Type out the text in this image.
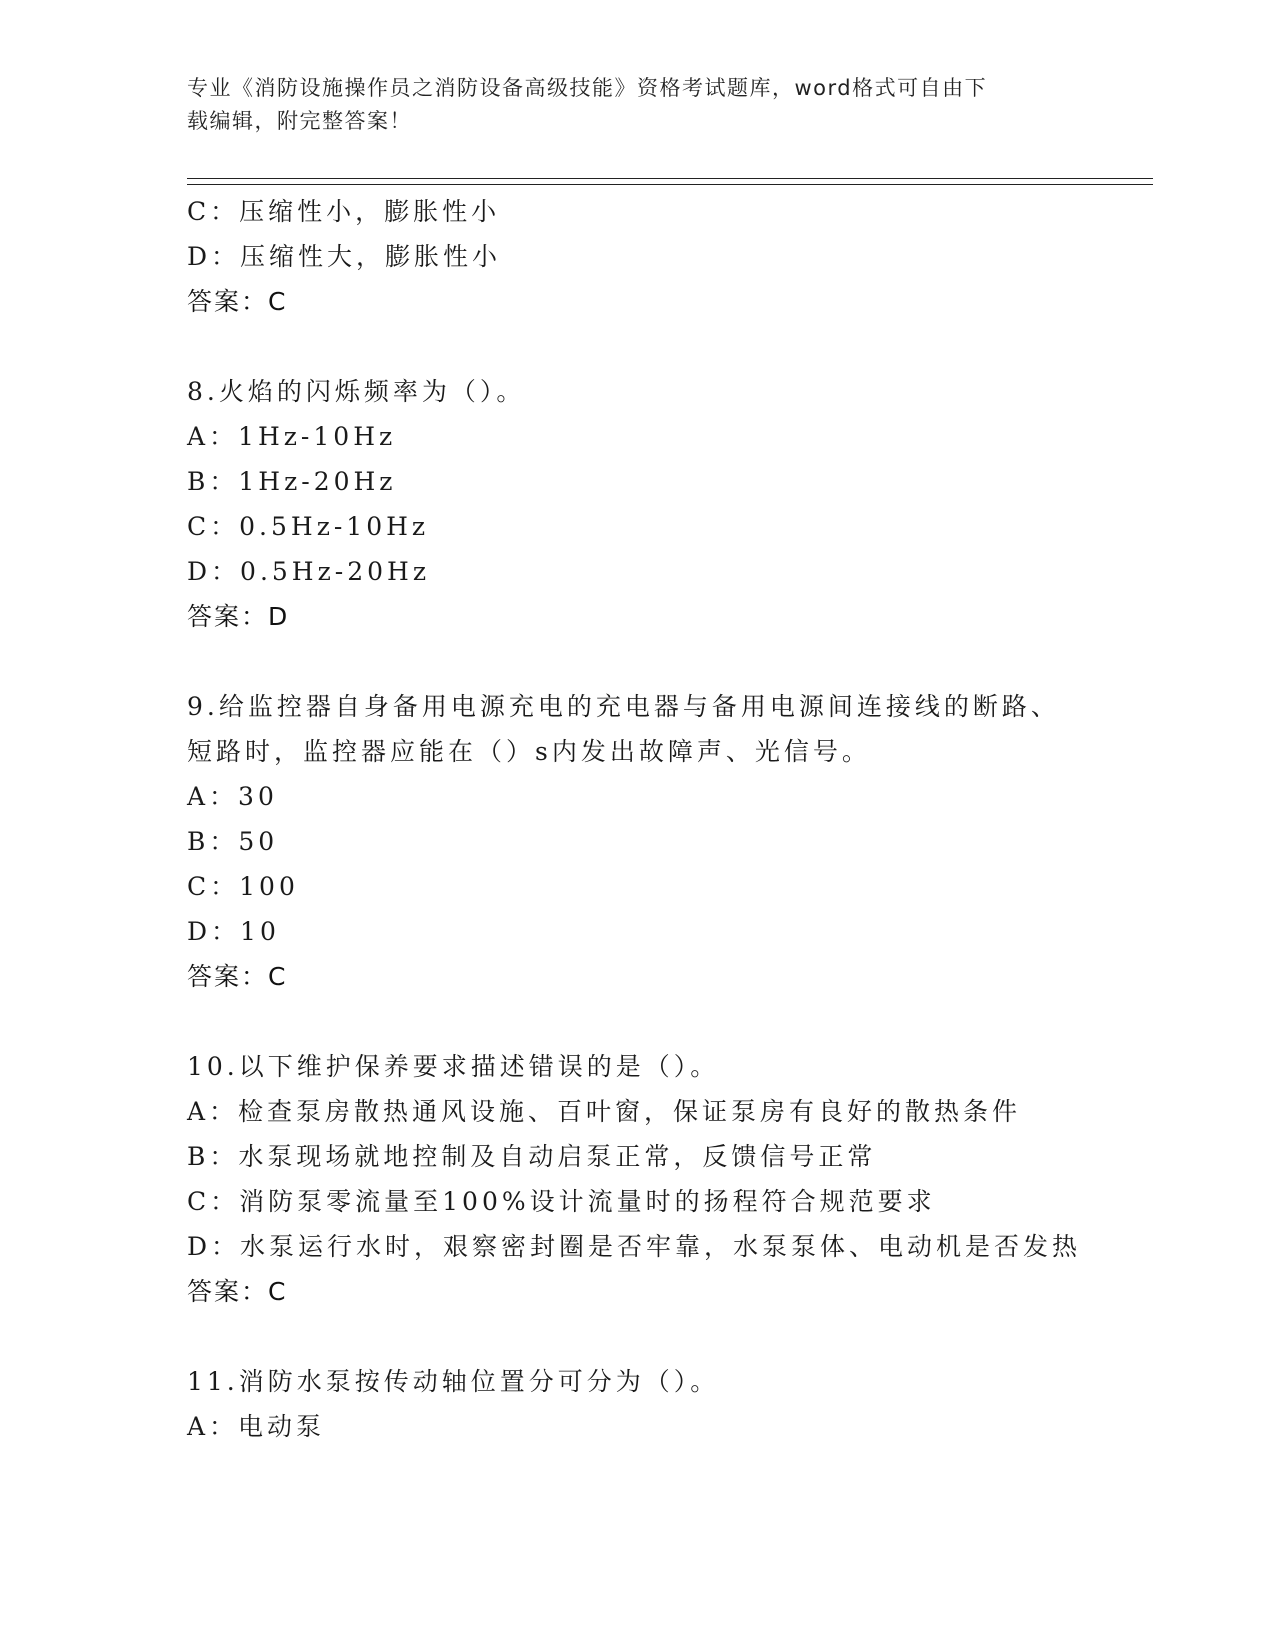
专业《消防设施操作员之消防设备高级技能》资格考试题库，word格式可自由下
载编辑，附完整答案！
C：压缩性小，膨胀性小
D：压缩性大，膨胀性小
答案：C
8.火焰的闪烁频率为（）。
A：1Hz-10Hz
B：1Hz-20Hz
C：0.5Hz-10Hz
D：0.5Hz-20Hz
答案：D
9.给监控器自身备用电源充电的充电器与备用电源间连接线的断路、
短路时，监控器应能在（）s内发出故障声、光信号。
A：30
B：50
C：100
D：10
答案：C
10.以下维护保养要求描述错误的是（）。
A：检查泵房散热通风设施、百叶窗，保证泵房有良好的散热条件
B：水泵现场就地控制及自动启泵正常，反馈信号正常
C：消防泵零流量至100%设计流量时的扬程符合规范要求
D：水泵运行水时，艰察密封圈是否牢靠，水泵泵体、电动机是否发热
答案：C
11.消防水泵按传动轴位置分可分为（）。
A：电动泵
